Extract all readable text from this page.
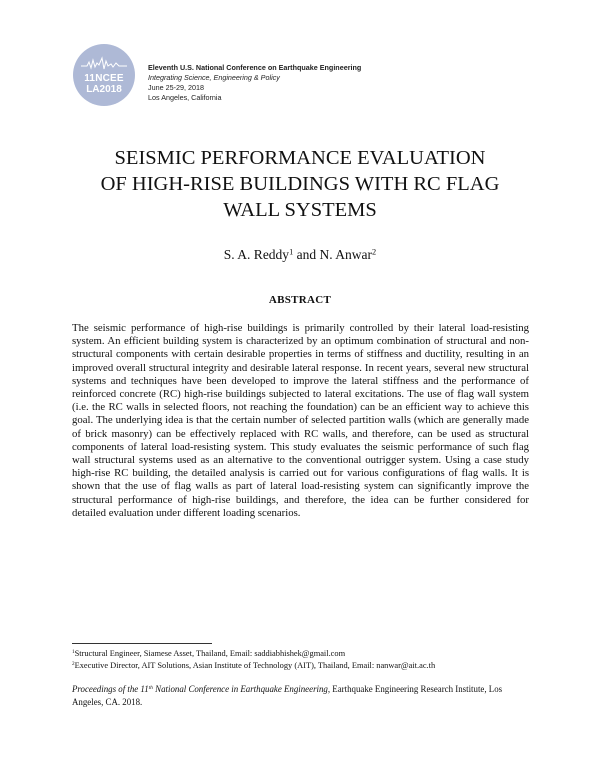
11NCEE
LA2018
Eleventh U.S. National Conference on Earthquake Engineering
Integrating Science, Engineering & Policy
June 25-29, 2018
Los Angeles, California
SEISMIC PERFORMANCE EVALUATION
OF HIGH-RISE BUILDINGS WITH RC FLAG
WALL SYSTEMS
S. A. Reddy$^1$ and N. Anwar$^2$
ABSTRACT

The seismic performance of high-rise buildings is primarily controlled by their lateral load-resisting system. An efficient building system is characterized by an optimum combination of structural and non-structural components with certain desirable properties in terms of stiffness and ductility, resulting in an improved overall structural integrity and desirable lateral response. In recent years, several new structural systems and techniques have been developed to improve the lateral stiffness and the performance of reinforced concrete (RC) high-rise buildings subjected to lateral excitations. The use of flag wall system (i.e. the RC walls in selected floors, not reaching the foundation) can be an efficient way to achieve this goal. The underlying idea is that the certain number of selected partition walls (which are generally made of brick masonry) can be effectively replaced with RC walls, and therefore, can be used as structural components of lateral load-resisting system. This study evaluates the seismic performance of such flag wall structural systems used as an alternative to the conventional outrigger system. Using a case study high-rise RC building, the detailed analysis is carried out for various configurations of flag walls. It is shown that the use of flag walls as part of lateral load-resisting system can significantly improve the structural performance of high-rise buildings, and therefore, the idea can be further considered for detailed evaluation under different loading scenarios.

$^1$Structural Engineer, Siamese Asset, Thailand, Email: saddiabhishek@gmail.com
$^2$Executive Director, AIT Solutions, Asian Institute of Technology (AIT), Thailand, Email: nanwar@ait.ac.th
Proceedings of the 11th National Conference in Earthquake Engineering, Earthquake Engineering Research Institute, Los Angeles, CA. 2018.
